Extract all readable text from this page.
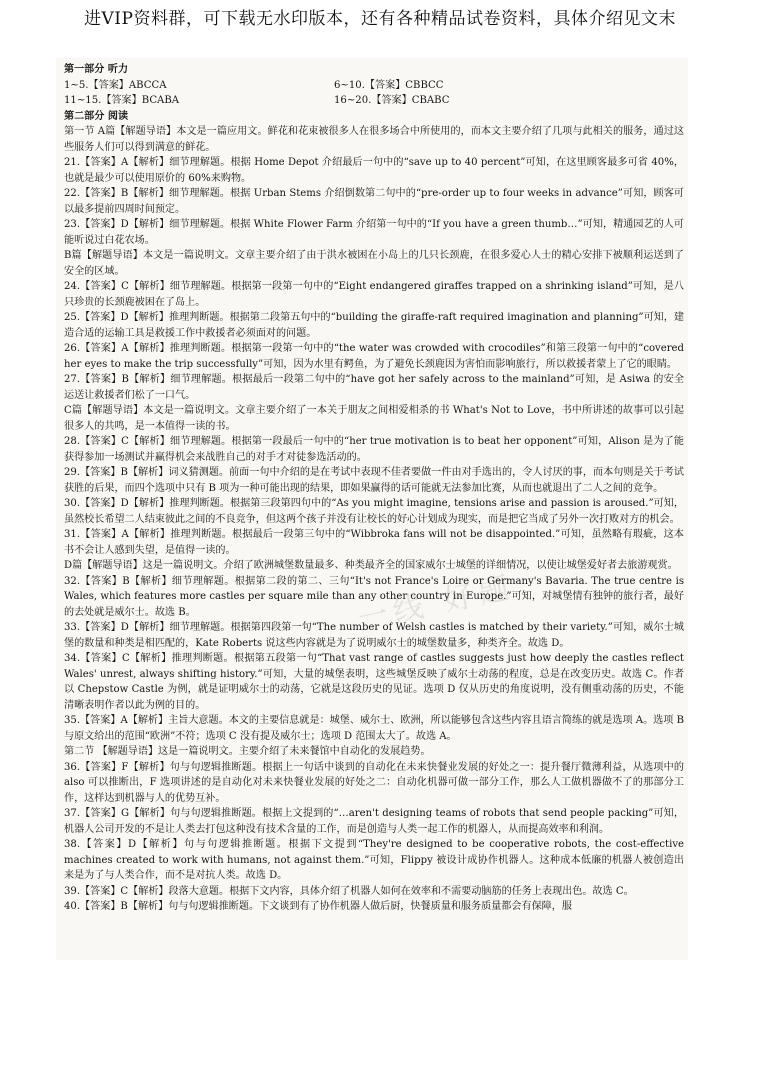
进VIP资料群，可下载无水印版本，还有各种精品试卷资料，具体介绍见文末
一线 好题

第一部分 听力

1~5.【答案】ABCCA	6~10.【答案】CBBCC
11~15.【答案】BCABA	16~20.【答案】CBABC

第二部分 阅读

第一节 A篇【解题导语】本文是一篇应用文。鲜花和花束被很多人在很多场合中所使用的，而本文主要介绍了几项与此相关的服务，通过这些服务人们可以得到满意的鲜花。

21.【答案】A【解析】细节理解题。根据 Home Depot 介绍最后一句中的“save up to 40 percent”可知，在这里顾客最多可省 40%，也就是最少可以使用原价的 60%来购物。

22.【答案】B【解析】细节理解题。根据 Urban Stems 介绍倒数第二句中的“pre-order up to four weeks in advance”可知，顾客可以最多提前四周时间预定。

23.【答案】D【解析】细节理解题。根据 White Flower Farm 介绍第一句中的“If you have a green thumb…”可知，精通园艺的人可能听说过白花农场。

B篇【解题导语】本文是一篇说明文。文章主要介绍了由于洪水被困在小岛上的几只长颈鹿，在很多爱心人士的精心安排下被顺利运送到了安全的区域。

24.【答案】C【解析】细节理解题。根据第一段第一句中的“Eight endangered giraffes trapped on a shrinking island”可知，是八只珍贵的长颈鹿被困在了岛上。

25.【答案】D【解析】推理判断题。根据第二段第五句中的“building the giraffe-raft required imagination and planning”可知，建造合适的运输工具是救援工作中救援者必须面对的问题。

26.【答案】A【解析】推理判断题。根据第一段第一句中的“the water was crowded with crocodiles”和第三段第一句中的“covered her eyes to make the trip successfully”可知，因为水里有鳄鱼，为了避免长颈鹿因为害怕而影响旅行，所以救援者蒙上了它的眼睛。

27.【答案】B【解析】细节理解题。根据最后一段第二句中的“have got her safely across to the mainland”可知，是 Asiwa 的安全运送让救援者们松了一口气。

C篇【解题导语】本文是一篇说明文。文章主要介绍了一本关于朋友之间相爱相杀的书 What's Not to Love，书中所讲述的故事可以引起很多人的共鸣，是一本值得一读的书。

28.【答案】C【解析】细节理解题。根据第一段最后一句中的“her true motivation is to beat her opponent”可知，Alison 是为了能获得参加一场测试并赢得机会来战胜自己的对手才对徒参选活动的。

29.【答案】B【解析】词义猜测题。前面一句中介绍的是在考试中表现不佳者要做一件由对手选出的，令人讨厌的事，而本句则是关于考试获胜的后果，而四个选项中只有 B 项为一种可能出现的结果，即如果赢得的话可能就无法参加比赛，从而也就退出了二人之间的竞争。

30.【答案】D【解析】推理判断题。根据第三段第四句中的“As you might imagine, tensions arise and passion is aroused.”可知，虽然校长希望二人结束彼此之间的不良竞争，但这两个孩子并没有让校长的好心计划成为现实，而是把它当成了另外一次打败对方的机会。

31.【答案】A【解析】推理判断题。根据最后一段第三句中的“Wibbroka fans will not be disappointed.”可知，虽然略有瑕疵，这本书不会让人感到失望，是值得一读的。

D篇【解题导语】这是一篇说明文。介绍了欧洲城堡数量最多、种类最齐全的国家威尔士城堡的详细情况，以使让城堡爱好者去旅游观赏。

32.【答案】B【解析】细节理解题。根据第二段的第二、三句“It's not France's Loire or Germany's Bavaria. The true centre is Wales, which features more castles per square mile than any other country in Europe.”可知，对城堡情有独钟的旅行者，最好的去处就是威尔士。故选 B。

33.【答案】D【解析】细节理解题。根据第四段第一句“The number of Welsh castles is matched by their variety.”可知，威尔士城堡的数量和种类是相匹配的，Kate Roberts 说这些内容就是为了说明威尔士的城堡数量多，种类齐全。故选 D。

34.【答案】C【解析】推理判断题。根据第五段第一句“That vast range of castles suggests just how deeply the castles reflect Wales' unrest, always shifting history.”可知，大量的城堡表明，这些城堡反映了威尔士动荡的程度，总是在改变历史。故选 C。作者以 Chepstow Castle 为例，就是证明威尔士的动荡，它就是这段历史的见证。选项 D 仅从历史的角度说明，没有侧重动荡的历史，不能清晰表明作者以此为例的目的。

35.【答案】A【解析】主旨大意题。本文的主要信息就是：城堡、威尔士、欧洲，所以能够包含这些内容且语言简练的就是选项 A。选项 B 与原文给出的范围“欧洲”不符；选项 C 没有提及威尔士；选项 D 范围太大了。故选 A。

第二节 【解题导语】这是一篇说明文。主要介绍了未来餐馆中自动化的发展趋势。

36.【答案】F【解析】句与句逻辑推断题。根据上一句话中谈到的自动化在未来快餐业发展的好处之一：提升餐厅微薄利益，从选项中的 also 可以推断出，F 选项讲述的是自动化对未来快餐业发展的好处之二：自动化机器可做一部分工作，那么人工做机器做不了的那部分工作，这样达到机器与人的优势互补。

37.【答案】G【解析】句与句逻辑推断题。根据上文提到的“…aren't designing teams of robots that send people packing”可知，机器人公司开发的不是让人类去打包这种没有技术含量的工作，而是创造与人类一起工作的机器人，从而提高效率和利润。

38.【答案】D【解析】句与句逻辑推断题。根据下文提到“They're designed to be cooperative robots, the cost-effective machines created to work with humans, not against them.”可知，Flippy 被设计成协作机器人。这种成本低廉的机器人被创造出来是为了与人类合作，而不是对抗人类。故选 D。

39.【答案】C【解析】段落大意题。根据下文内容，具体介绍了机器人如何在效率和不需要动脑筋的任务上表现出色。故选 C。

40.【答案】B【解析】句与句逻辑推断题。下文谈到有了协作机器人做后厨，快餐质量和服务质量都会有保障，服
